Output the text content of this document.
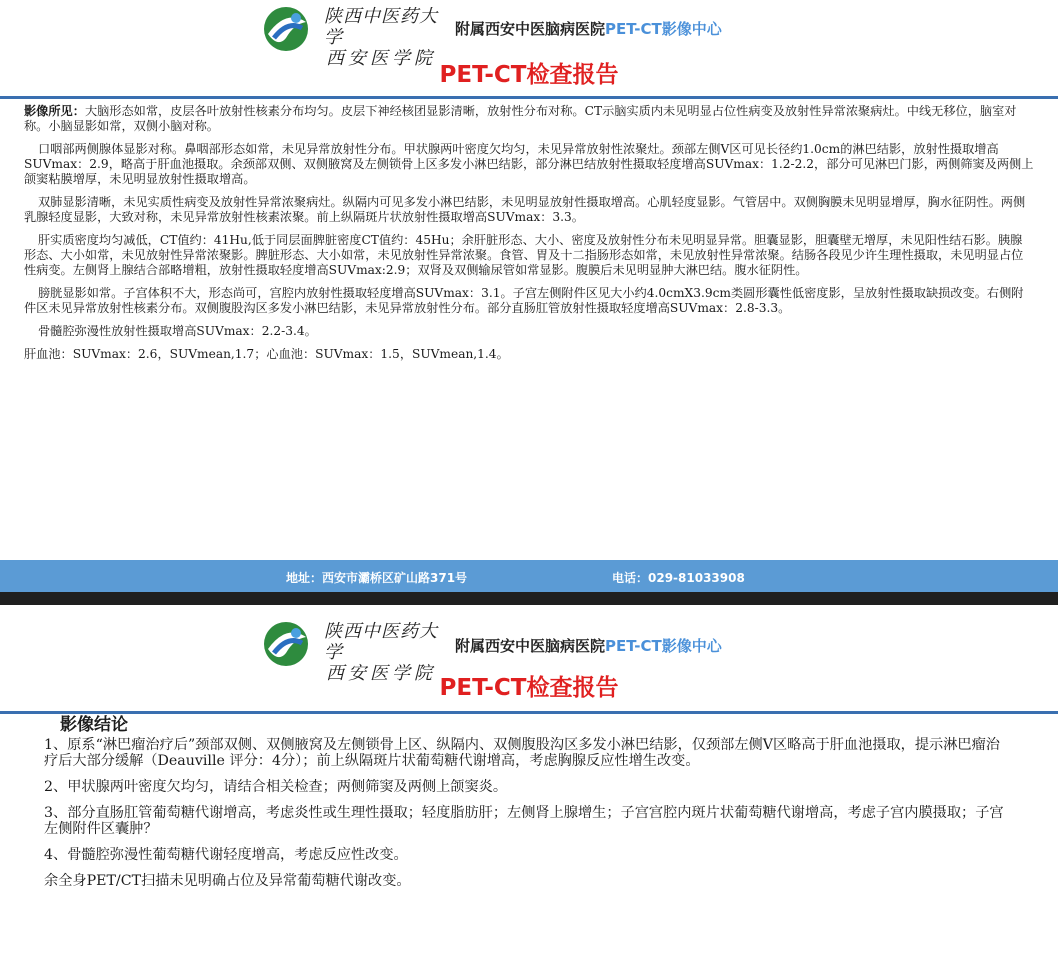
陕西中医药大学
西安医学院
附属西安中医脑病医院PET-CT影像中心
PET-CT检查报告

影像所见：大脑形态如常，皮层各叶放射性核素分布均匀。皮层下神经核团显影清晰，放射性分布对称。CT示脑实质内未见明显占位性病变及放射性异常浓聚病灶。中线无移位，脑室对称。小脑显影如常，双侧小脑对称。

口咽部两侧腺体显影对称。鼻咽部形态如常，未见异常放射性分布。甲状腺两叶密度欠均匀，未见异常放射性浓聚灶。颈部左侧Ⅴ区可见长径约1.0cm的淋巴结影，放射性摄取增高SUVmax：2.9，略高于肝血池摄取。余颈部双侧、双侧腋窝及左侧锁骨上区多发小淋巴结影，部分淋巴结放射性摄取轻度增高SUVmax：1.2-2.2，部分可见淋巴门影，两侧筛窦及两侧上颌窦粘膜增厚，未见明显放射性摄取增高。

双肺显影清晰，未见实质性病变及放射性异常浓聚病灶。纵隔内可见多发小淋巴结影，未见明显放射性摄取增高。心肌轻度显影。气管居中。双侧胸膜未见明显增厚，胸水征阴性。两侧乳腺轻度显影，大致对称，未见异常放射性核素浓聚。前上纵隔斑片状放射性摄取增高SUVmax：3.3。

肝实质密度均匀减低，CT值约：41Hu,低于同层面脾脏密度CT值约：45Hu；余肝脏形态、大小、密度及放射性分布未见明显异常。胆囊显影，胆囊壁无增厚，未见阳性结石影。胰腺形态、大小如常，未见放射性异常浓聚影。脾脏形态、大小如常，未见放射性异常浓聚。食管、胃及十二指肠形态如常，未见放射性异常浓聚。结肠各段见少许生理性摄取，未见明显占位性病变。左侧肾上腺结合部略增粗，放射性摄取轻度增高SUVmax:2.9；双肾及双侧输尿管如常显影。腹膜后未见明显肿大淋巴结。腹水征阴性。

膀胱显影如常。子宫体积不大，形态尚可，宫腔内放射性摄取轻度增高SUVmax：3.1。子宫左侧附件区见大小约4.0cmX3.9cm类圆形囊性低密度影，呈放射性摄取缺损改变。右侧附件区未见异常放射性核素分布。双侧腹股沟区多发小淋巴结影，未见异常放射性分布。部分直肠肛管放射性摄取轻度增高SUVmax：2.8-3.3。

骨髓腔弥漫性放射性摄取增高SUVmax：2.2-3.4。

肝血池：SUVmax：2.6，SUVmean,1.7；心血池：SUVmax：1.5，SUVmean,1.4。

地址：西安市灞桥区矿山路371号	电话：029-81033908
陕西中医药大学
西安医学院
附属西安中医脑病医院PET-CT影像中心
PET-CT检查报告
影像结论

1、原系“淋巴瘤治疗后”颈部双侧、双侧腋窝及左侧锁骨上区、纵隔内、双侧腹股沟区多发小淋巴结影，仅颈部左侧Ⅴ区略高于肝血池摄取，提示淋巴瘤治疗后大部分缓解（Deauville 评分：4分）；前上纵隔斑片状葡萄糖代谢增高，考虑胸腺反应性增生改变。

2、甲状腺两叶密度欠均匀，请结合相关检查；两侧筛窦及两侧上颌窦炎。

3、部分直肠肛管葡萄糖代谢增高，考虑炎性或生理性摄取；轻度脂肪肝；左侧肾上腺增生；子宫宫腔内斑片状葡萄糖代谢增高，考虑子宫内膜摄取；子宫左侧附件区囊肿？

4、骨髓腔弥漫性葡萄糖代谢轻度增高，考虑反应性改变。

余全身PET/CT扫描未见明确占位及异常葡萄糖代谢改变。
